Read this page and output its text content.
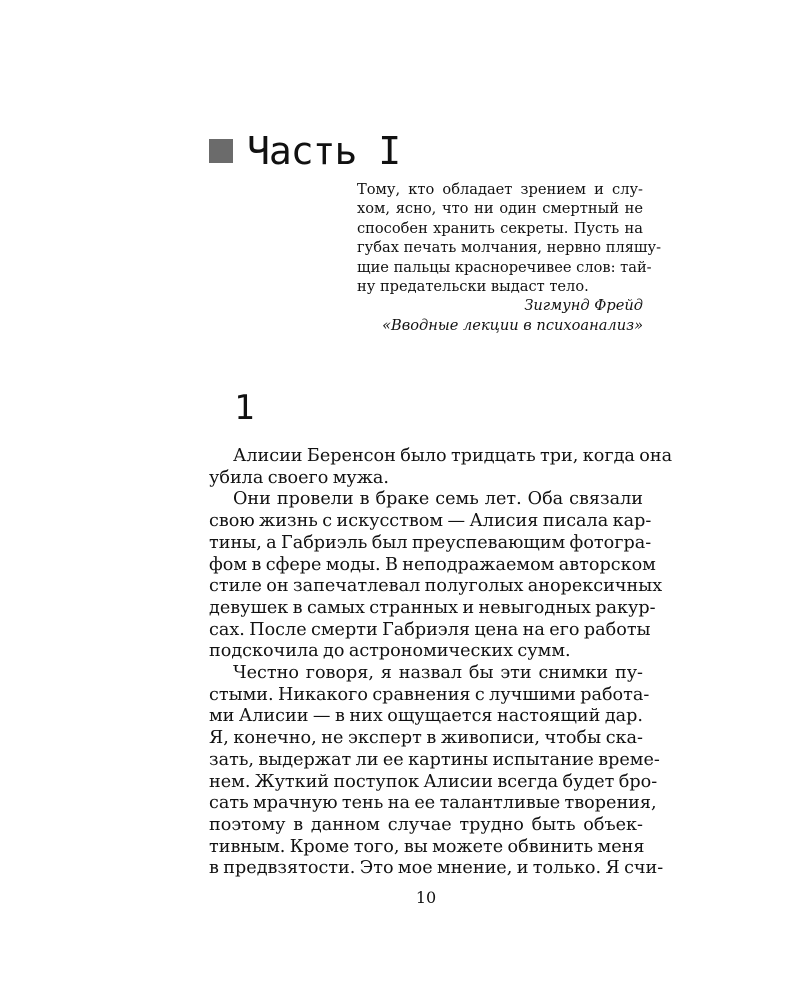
Часть I
Тому, кто обладает зрением и слу-
хом, ясно, что ни один смертный не
способен хранить секреты. Пусть на
губах печать молчания, нервно пляшу-
щие пальцы красноречивее слов: тай-
ну предательски выдаст тело.
Зигмунд Фрейд
«Вводные лекции в психоанализ»
1
Алисии Беренсон было тридцать три, когда она
убила своего мужа.
Они провели в браке семь лет. Оба связали
свою жизнь с искусством — Алисия писала кар-
тины, а Габриэль был преуспевающим фотогра-
фом в сфере моды. В неподражаемом авторском
стиле он запечатлевал полуголых анорексичных
девушек в самых странных и невыгодных ракур-
сах. После смерти Габриэля цена на его работы
подскочила до астрономических сумм.
Честно говоря, я назвал бы эти снимки пу-
стыми. Никакого сравнения с лучшими работа-
ми Алисии — в них ощущается настоящий дар.
Я, конечно, не эксперт в живописи, чтобы ска-
зать, выдержат ли ее картины испытание време-
нем. Жуткий поступок Алисии всегда будет бро-
сать мрачную тень на ее талантливые творения,
поэтому в данном случае трудно быть объек-
тивным. Кроме того, вы можете обвинить меня
в предвзятости. Это мое мнение, и только. Я счи-
10
